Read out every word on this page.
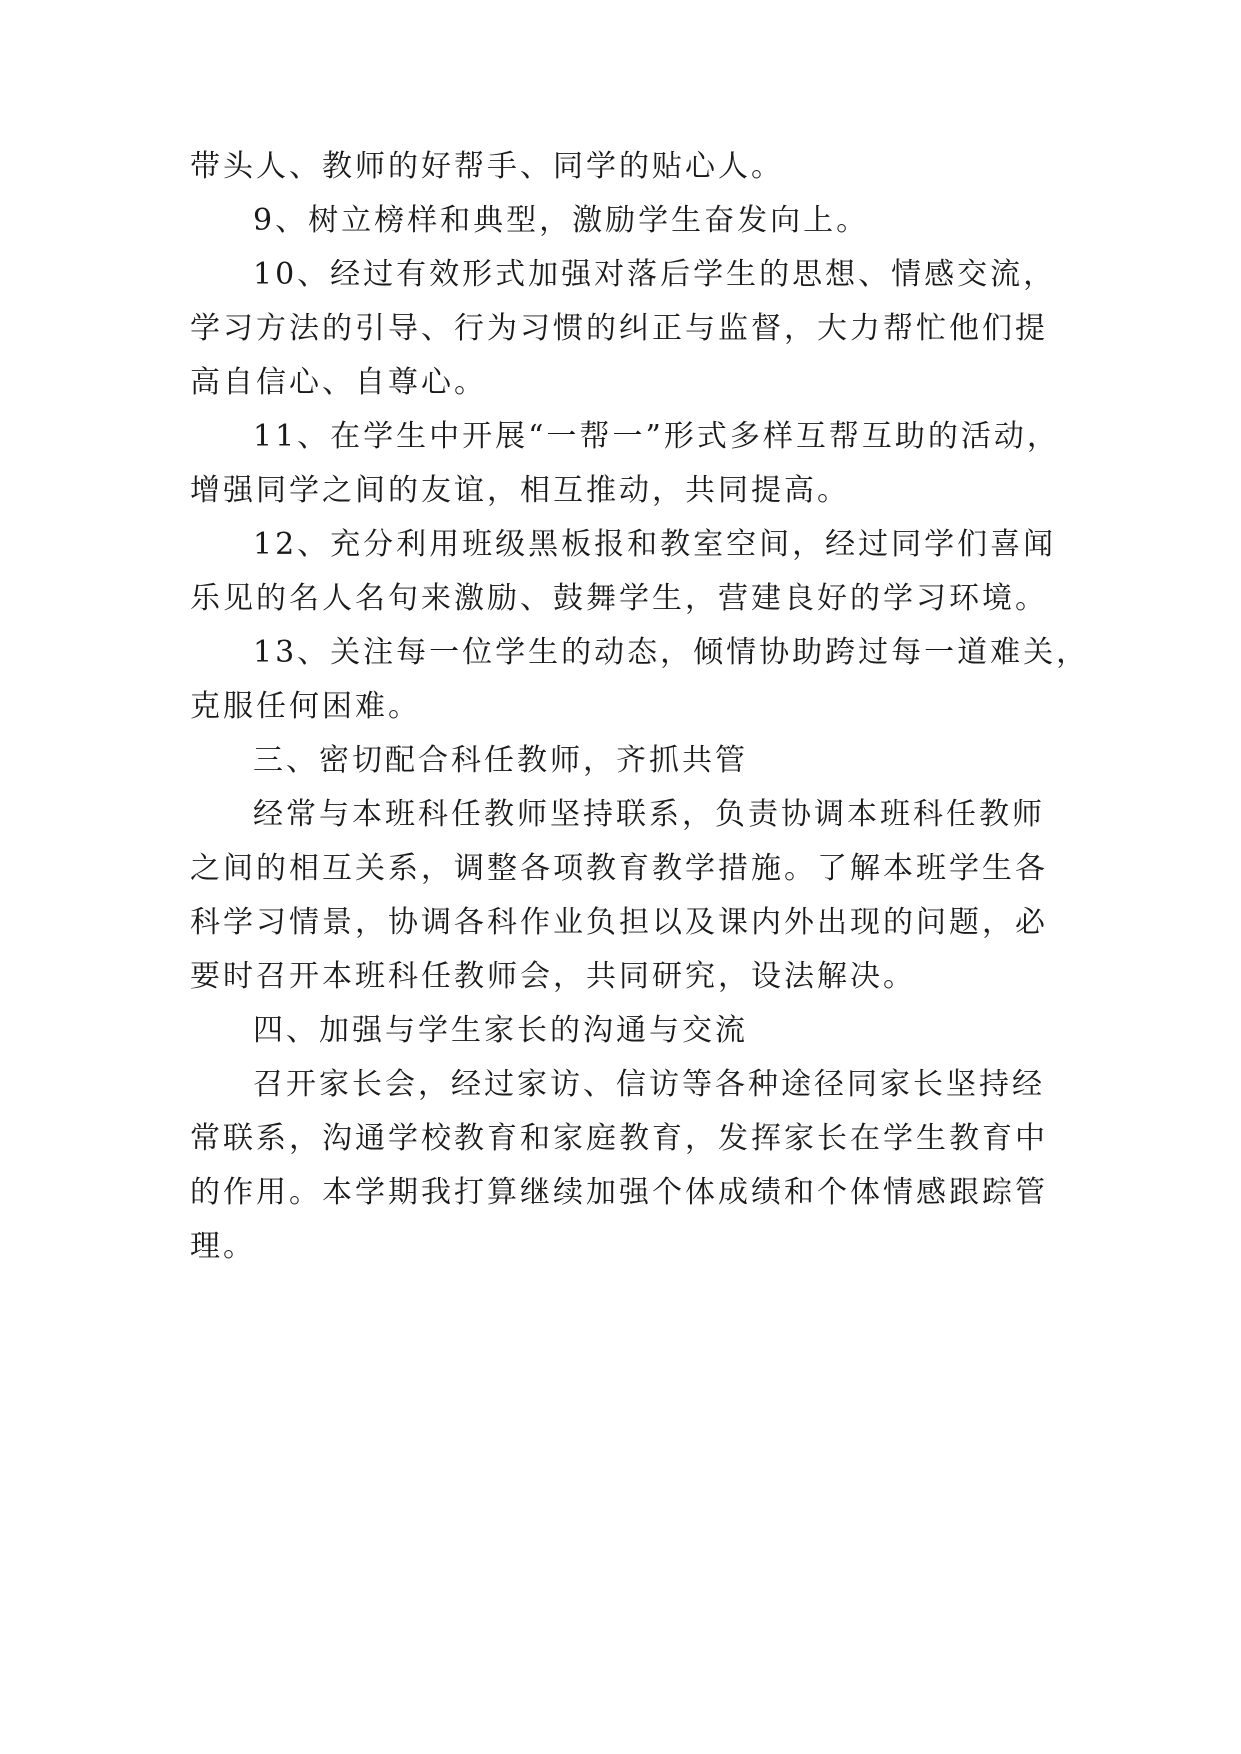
带头人、教师的好帮手、同学的贴心人。
9、树立榜样和典型，激励学生奋发向上。
10、经过有效形式加强对落后学生的思想、情感交流，
学习方法的引导、行为习惯的纠正与监督，大力帮忙他们提
高自信心、自尊心。
11、在学生中开展“一帮一”形式多样互帮互助的活动，
增强同学之间的友谊，相互推动，共同提高。
12、充分利用班级黑板报和教室空间，经过同学们喜闻
乐见的名人名句来激励、鼓舞学生，营建良好的学习环境。
13、关注每一位学生的动态，倾情协助跨过每一道难关，
克服任何困难。
三、密切配合科任教师，齐抓共管
经常与本班科任教师坚持联系，负责协调本班科任教师
之间的相互关系，调整各项教育教学措施。了解本班学生各
科学习情景，协调各科作业负担以及课内外出现的问题，必
要时召开本班科任教师会，共同研究，设法解决。
四、加强与学生家长的沟通与交流
召开家长会，经过家访、信访等各种途径同家长坚持经
常联系，沟通学校教育和家庭教育，发挥家长在学生教育中
的作用。本学期我打算继续加强个体成绩和个体情感跟踪管
理。
